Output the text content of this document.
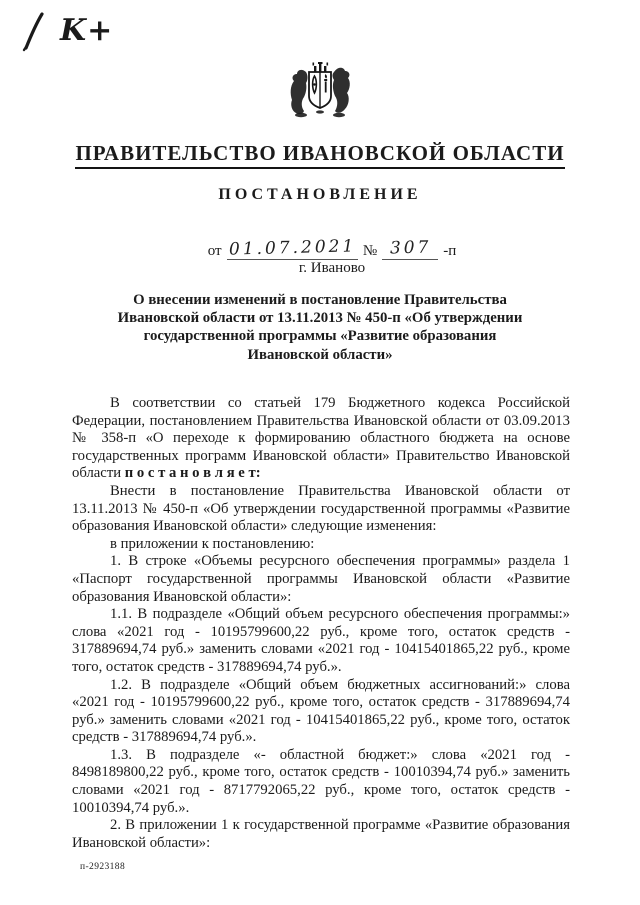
K+
ПРАВИТЕЛЬСТВО ИВАНОВСКОЙ ОБЛАСТИ
ПОСТАНОВЛЕНИЕ
от 01.07.2021 № 307 -п
г. Иваново
О внесении изменений в постановление Правительства
Ивановской области от 13.11.2013 № 450-п «Об утверждении
государственной программы «Развитие образования
Ивановской области»

В соответствии со статьей 179 Бюджетного кодекса Российской Федерации, постановлением Правительства Ивановской области от 03.09.2013 № 358-п «О переходе к формированию областного бюджета на основе государственных программ Ивановской области» Правительство Ивановской области п о с т а н о в л я е т:

Внести в постановление Правительства Ивановской области от 13.11.2013 № 450-п «Об утверждении государственной программы «Развитие образования Ивановской области» следующие изменения:

в приложении к постановлению:

1. В строке «Объемы ресурсного обеспечения программы» раздела 1 «Паспорт государственной программы Ивановской области «Развитие образования Ивановской области»:

1.1. В подразделе «Общий объем ресурсного обеспечения программы:» слова «2021 год - 10195799600,22 руб., кроме того, остаток средств - 317889694,74 руб.» заменить словами «2021 год - 10415401865,22 руб., кроме того, остаток средств - 317889694,74 руб.».

1.2. В подразделе «Общий объем бюджетных ассигнований:» слова «2021 год - 10195799600,22 руб., кроме того, остаток средств - 317889694,74 руб.» заменить словами «2021 год - 10415401865,22 руб., кроме того, остаток средств - 317889694,74 руб.».

1.3. В подразделе «- областной бюджет:» слова «2021 год - 8498189800,22 руб., кроме того, остаток средств - 10010394,74 руб.» заменить словами «2021 год - 8717792065,22 руб., кроме того, остаток средств - 10010394,74 руб.».

2. В приложении 1 к государственной программе «Развитие образования Ивановской области»:

п-2923188
